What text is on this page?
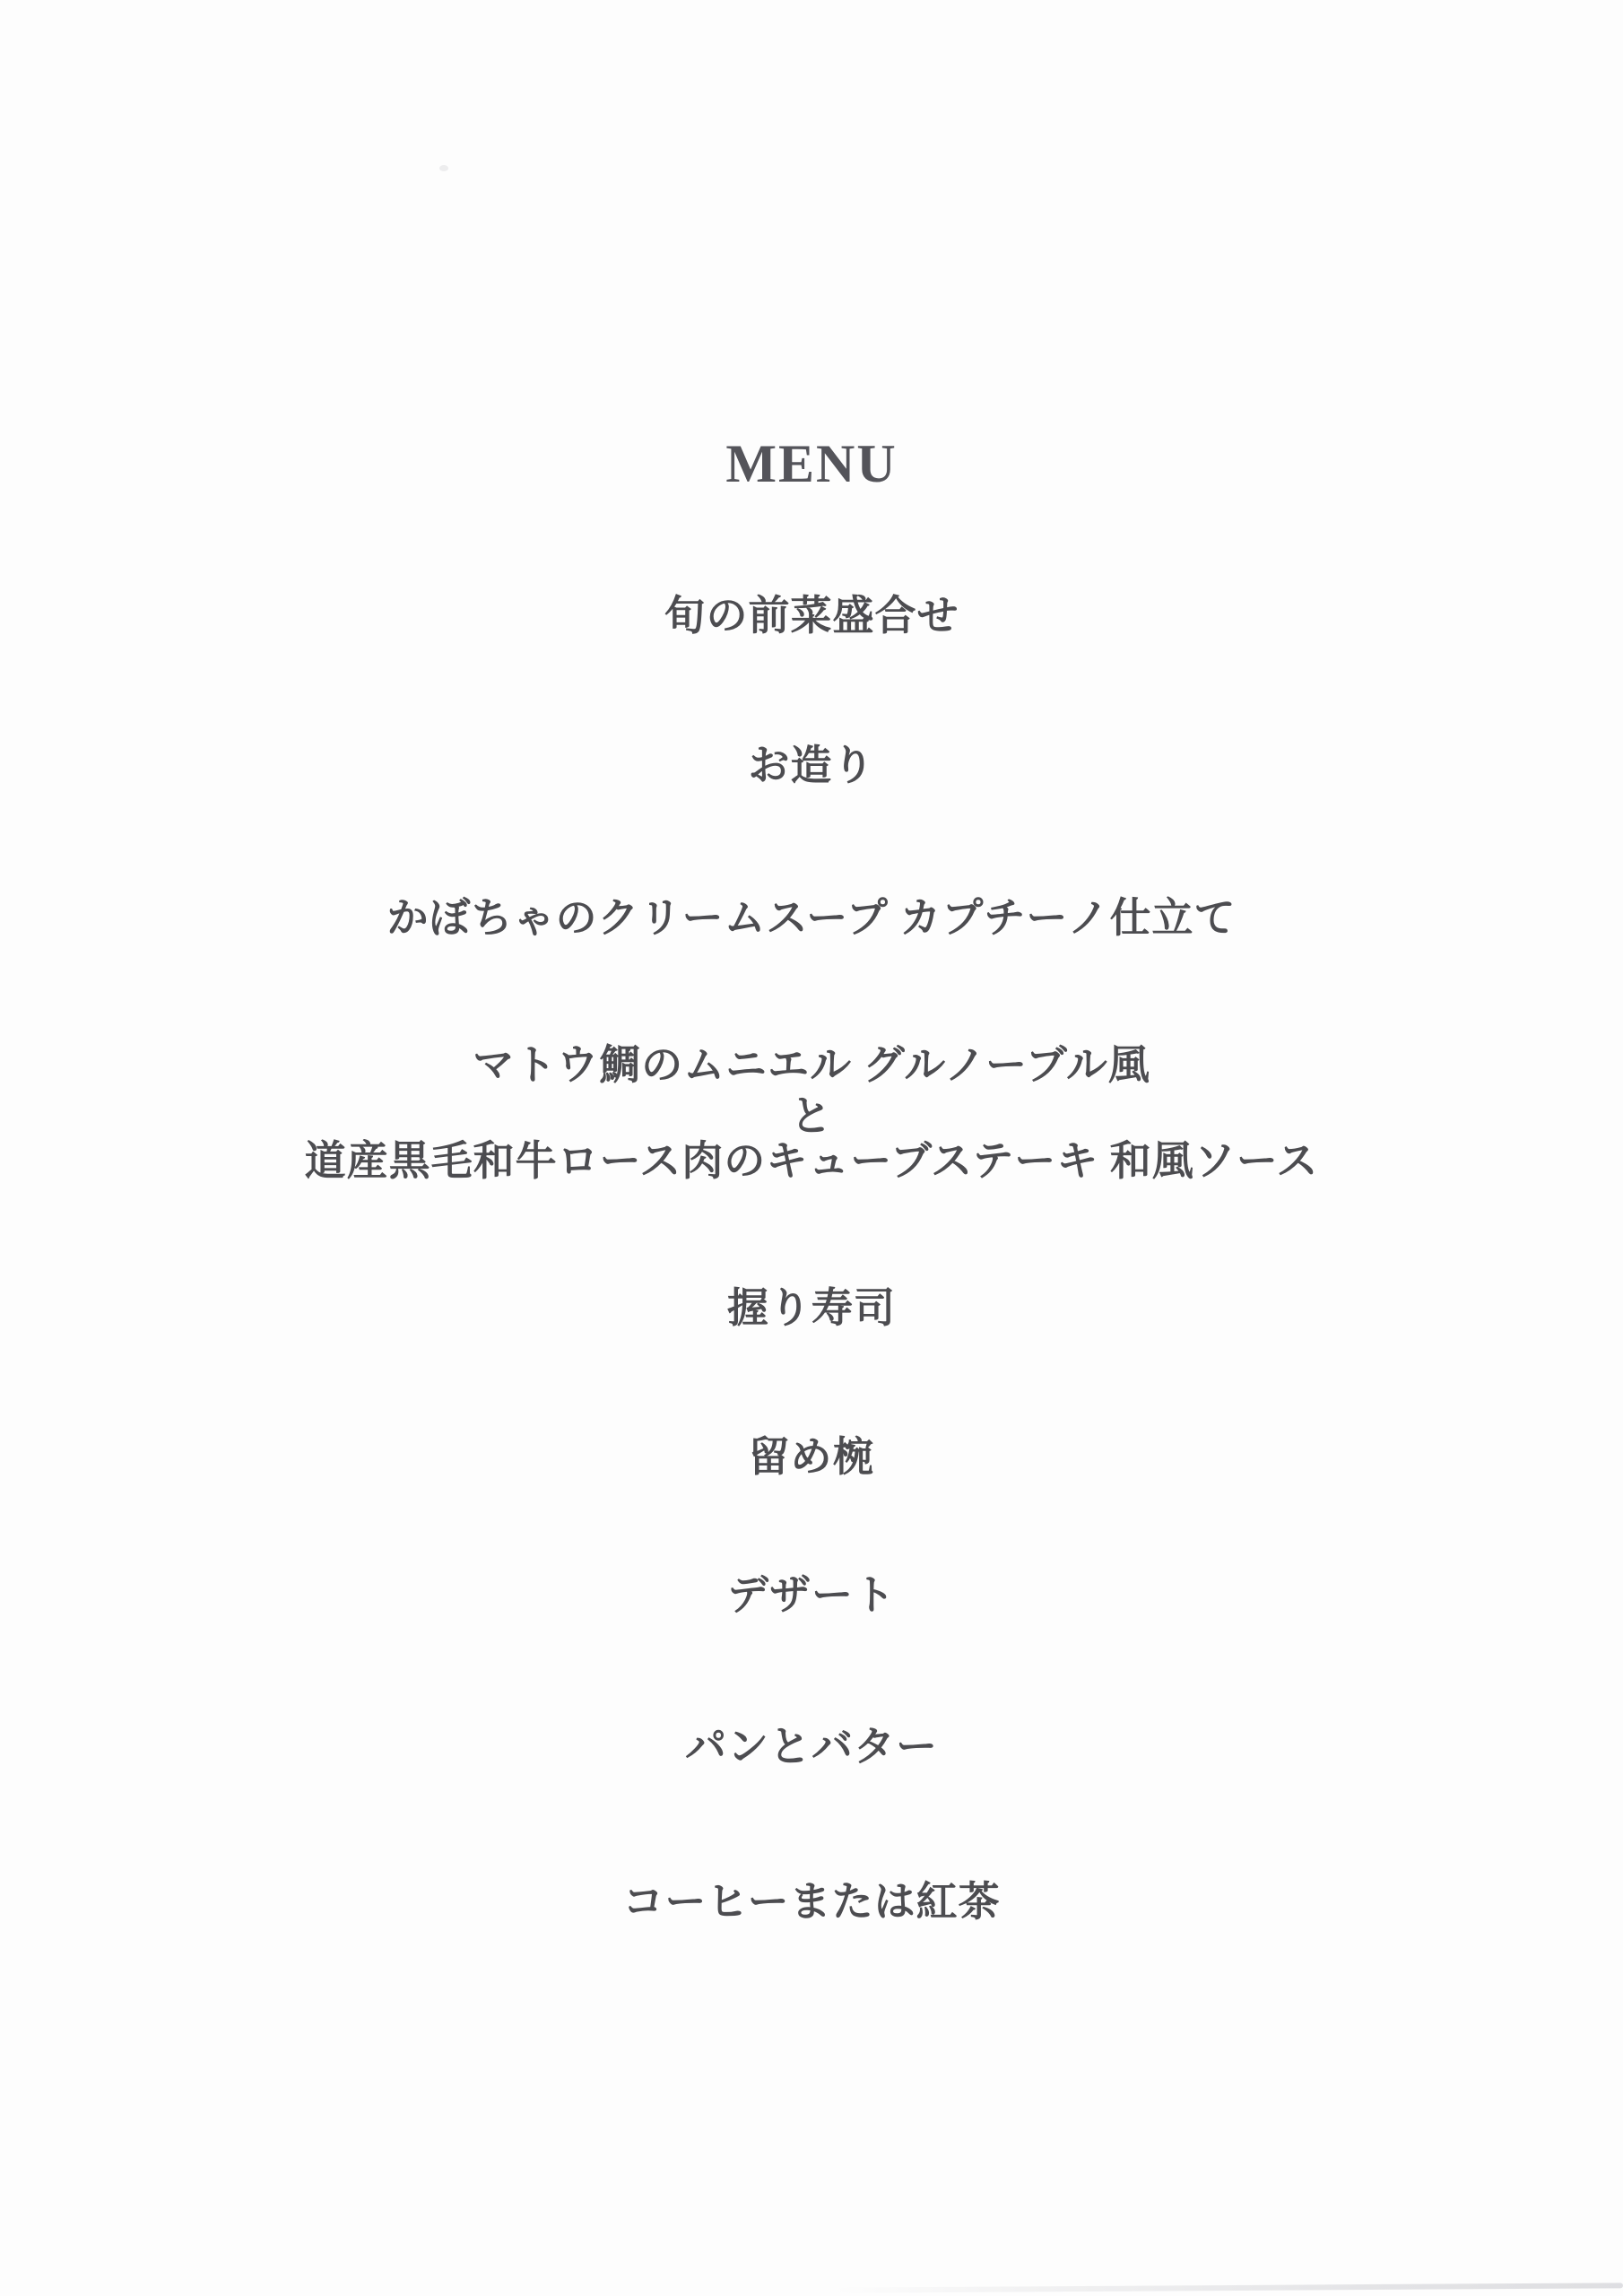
MENU
旬の前菜盛合せ
お造り
かぼちゃのクリームスープ カプチーノ仕立て
マトウ鯛のムニエル グルノーブル風
と
道産黒毛和牛ロース肉のキューブステーキ 和風ソース
握り寿司
留め椀
デザート
パンとバター
コーヒーまたは紅茶
